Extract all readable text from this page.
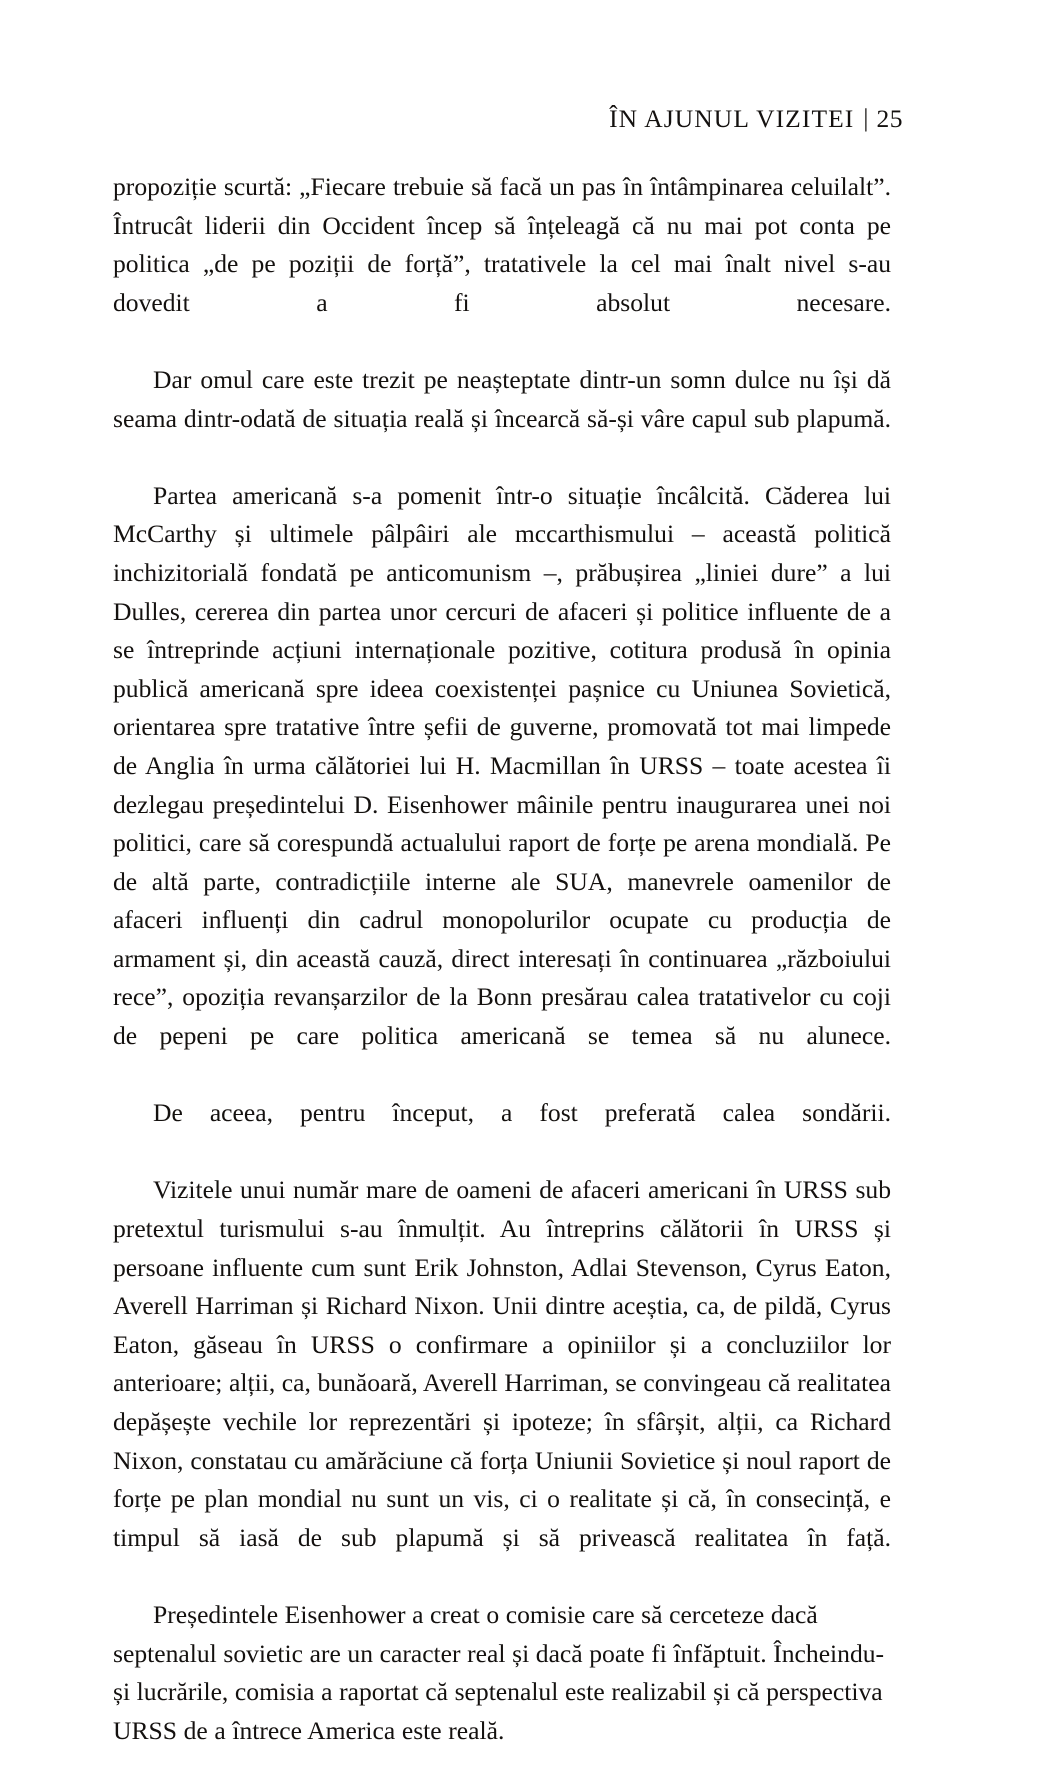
ÎN AJUNUL VIZITEI | 25

propoziție scurtă: „Fiecare trebuie să facă un pas în întâmpinarea celuilalt”. Întrucât liderii din Occident încep să înțeleagă că nu mai pot conta pe politica „de pe poziții de forță”, tratativele la cel mai înalt nivel s-au dovedit a fi absolut necesare.

Dar omul care este trezit pe neașteptate dintr-un somn dulce nu își dă seama dintr-odată de situația reală și încearcă să-și vâre capul sub plapumă.

Partea americană s-a pomenit într-o situație încâlcită. Căderea lui McCarthy și ultimele pâlpâiri ale mccarthismului – această politică inchizitorială fondată pe anticomunism –, prăbușirea „liniei dure” a lui Dulles, cererea din partea unor cercuri de afaceri și politice influente de a se întreprinde acțiuni internaționale pozitive, cotitura produsă în opinia publică americană spre ideea coexistenței pașnice cu Uniunea Sovietică, orientarea spre tratative între șefii de guverne, promovată tot mai limpede de Anglia în urma călătoriei lui H. Macmillan în URSS – toate acestea îi dezlegau președintelui D. Eisenhower mâinile pentru inaugurarea unei noi politici, care să corespundă actualului raport de forțe pe arena mondială. Pe de altă parte, contradicțiile interne ale SUA, manevrele oamenilor de afaceri influenți din cadrul monopolurilor ocupate cu producția de armament și, din această cauză, direct interesați în continuarea „războiului rece”, opoziția revanșarzilor de la Bonn presărau calea tratativelor cu coji de pepeni pe care politica americană se temea să nu alunece.

De aceea, pentru început, a fost preferată calea sondării.

Vizitele unui număr mare de oameni de afaceri americani în URSS sub pretextul turismului s-au înmulțit. Au întreprins călătorii în URSS și persoane influente cum sunt Erik Johnston, Adlai Stevenson, Cyrus Eaton, Averell Harriman și Richard Nixon. Unii dintre aceștia, ca, de pildă, Cyrus Eaton, găseau în URSS o confirmare a opiniilor și a concluziilor lor anterioare; alții, ca, bunăoară, Averell Harriman, se convingeau că realitatea depășește vechile lor reprezentări și ipoteze; în sfârșit, alții, ca Richard Nixon, constatau cu amărăciune că forța Uniunii Sovietice și noul raport de forțe pe plan mondial nu sunt un vis, ci o realitate și că, în consecință, e timpul să iasă de sub plapumă și să privească realitatea în față.

Președintele Eisenhower a creat o comisie care să cerceteze dacă septenalul sovietic are un caracter real și dacă poate fi înfăptuit. Încheindu-și lucrările, comisia a raportat că septenalul este realizabil și că perspectiva URSS de a întrece America este reală.
